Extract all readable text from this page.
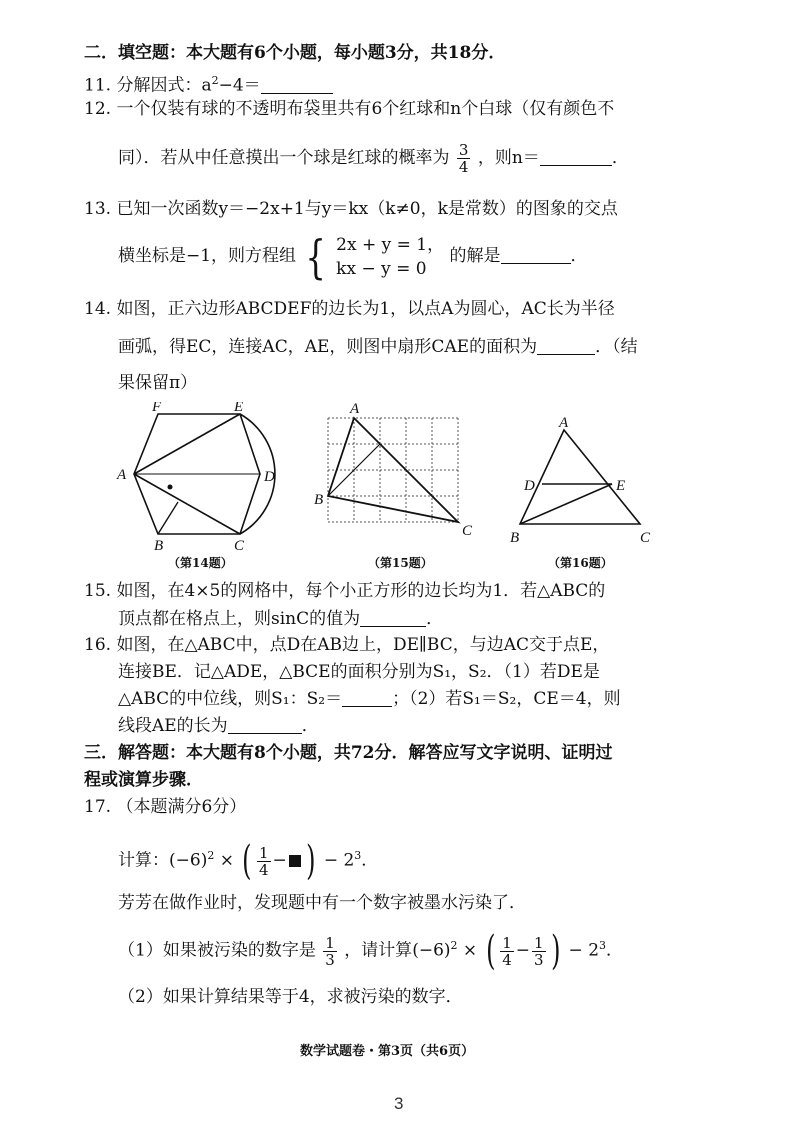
二．填空题：本大题有6个小题，每小题3分，共18分．
11. 分解因式：$a^2-4=$
12. 一个仅装有球的不透明布袋里共有6个红球和n个白球（仅有颜色不
同）．若从中任意摸出一个球是红球的概率为 $\frac{3}{4}$ ，则n＝	．
13. 已知一次函数y＝−2x+1与y＝kx（k≠0，k是常数）的图象的交点
横坐标是−1，则方程组 { 2x + y = 1，
kx − y = 0
的解是	．
14. 如图，正六边形ABCDEF的边长为1，以点A为圆心，AC长为半径
画弧，得EC，连接AC，AE，则图中扇形CAE的面积为	．（结
果保留π）
F	E
A	D
B	C
（第14题）
A
B
C
（第15题）
A
D	E
B	C
（第16题）
15. 如图，在4×5的网格中，每个小正方形的边长均为1．若△ABC的
顶点都在格点上，则sinC的值为	．
16. 如图，在△ABC中，点D在AB边上，DE∥BC，与边AC交于点E，
连接BE．记△ADE，△BCE的面积分别为S₁，S₂．（1）若DE是
△ABC的中位线，则S₁：S₂＝	；（2）若S₁＝S₂，CE＝4，则
线段AE的长为	．
三．解答题：本大题有8个小题，共72分．解答应写文字说明、证明过
程或演算步骤．
17. （本题满分6分）
计算：$(-6)^2$ × ( $\frac{1}{4}$ − ) − $2^3$．
芳芳在做作业时，发现题中有一个数字被墨水污染了．
（1）如果被污染的数字是 $\frac{1}{3}$ ，请计算$(-6)^2$ × ( $\frac{1}{4} - \frac{1}{3}$ ) − $2^3$．
（2）如果计算结果等于4，求被污染的数字．
数学试题卷・第3页（共6页）
3
